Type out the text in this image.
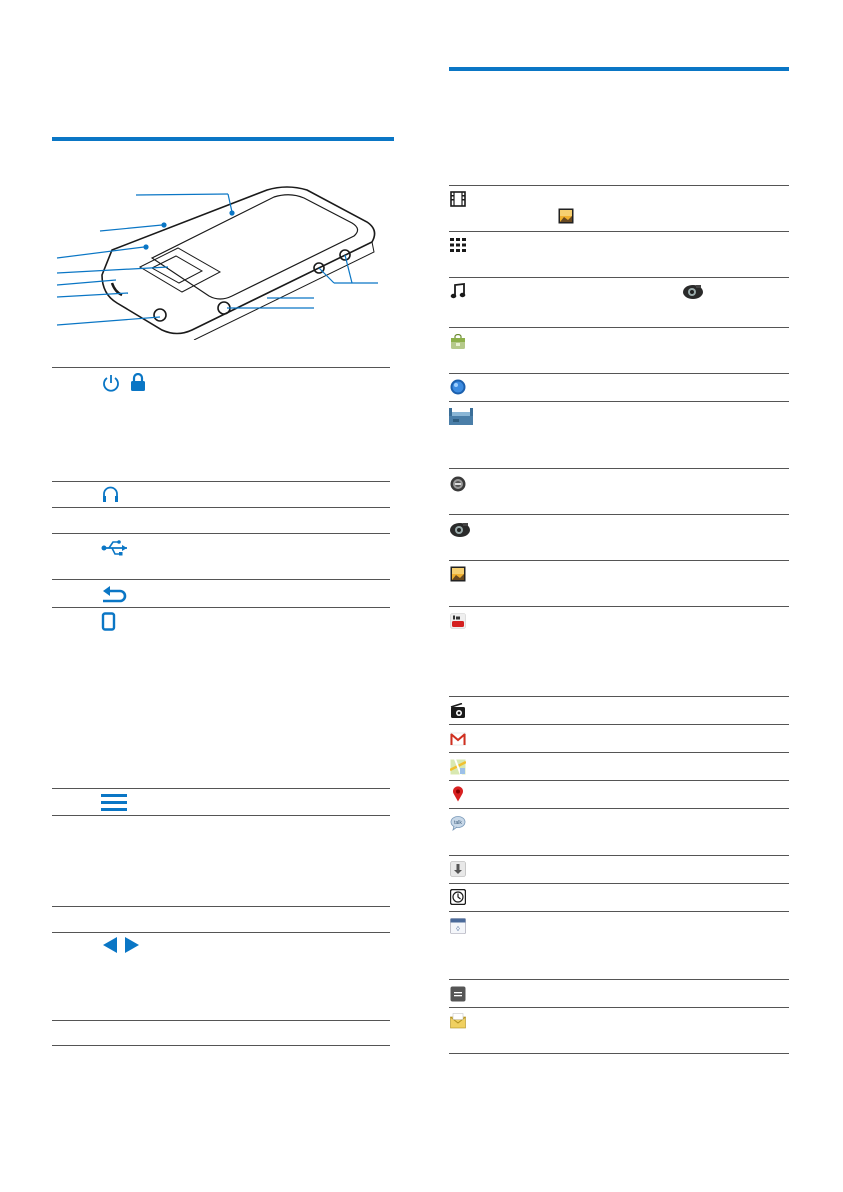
talk
◊
